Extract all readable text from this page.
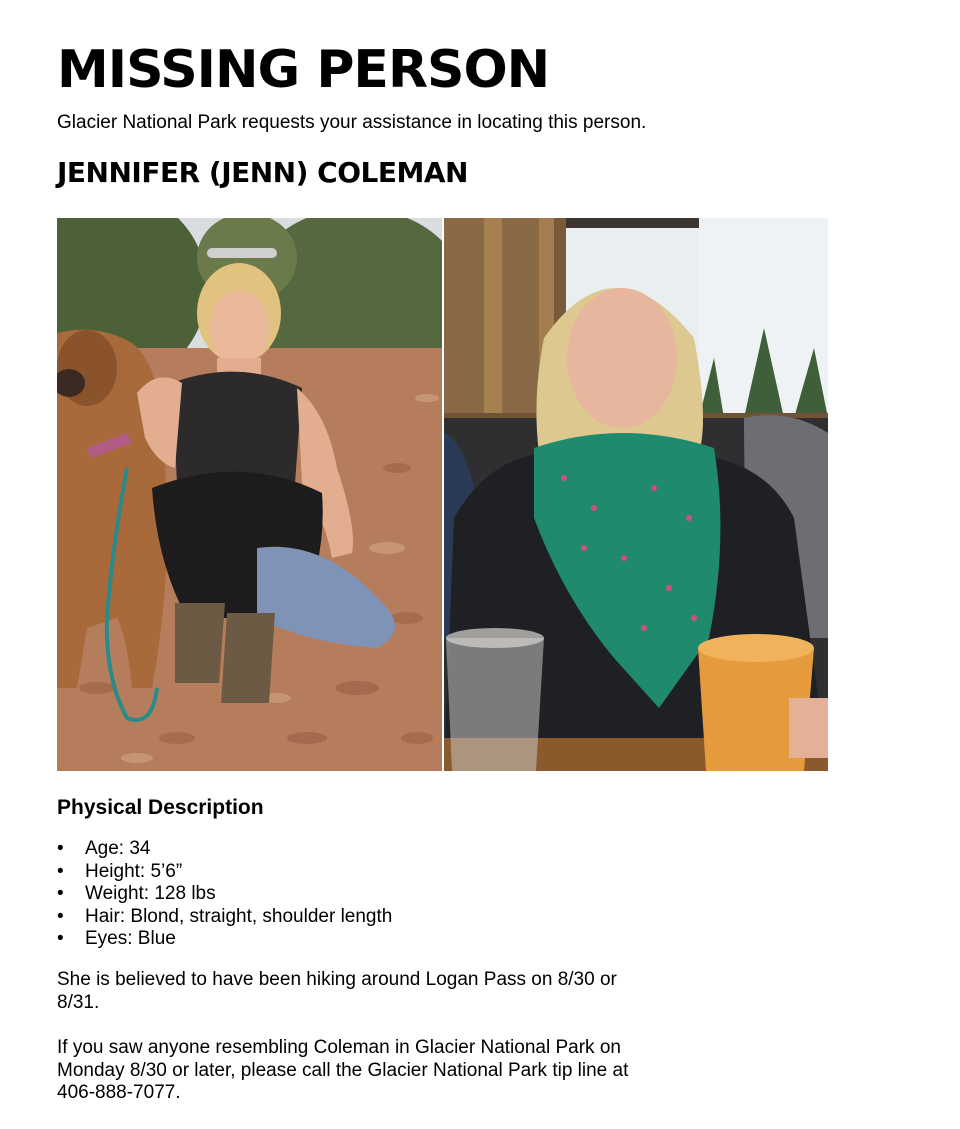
MISSING PERSON

Glacier National Park requests your assistance in locating this person.

JENNIFER (JENN) COLEMAN
Physical Description
• Age: 34
• Height: 5’6”
• Weight: 128 lbs
• Hair: Blond, straight, shoulder length
• Eyes: Blue

She is believed to have been hiking around Logan Pass on 8/30 or 8/31.

If you saw anyone resembling Coleman in Glacier National Park on Monday 8/30 or later, please call the Glacier National Park tip line at 406-888-7077.
